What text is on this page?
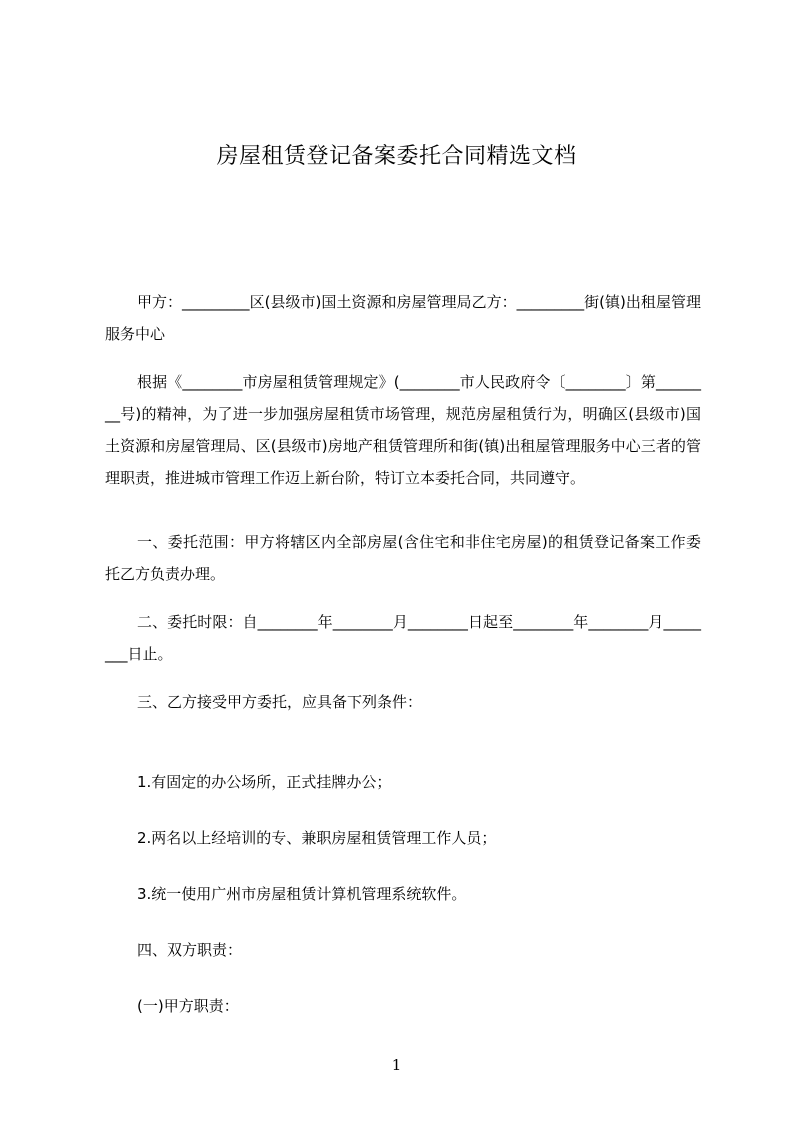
房屋租赁登记备案委托合同精选文档

甲方：_________区(县级市)国土资源和房屋管理局乙方：_________街(镇)出租屋管理服务中心

根据《________市房屋租赁管理规定》(________市人民政府令〔________〕第________号)的精神，为了进一步加强房屋租赁市场管理，规范房屋租赁行为，明确区(县级市)国土资源和房屋管理局、区(县级市)房地产租赁管理所和街(镇)出租屋管理服务中心三者的管理职责，推进城市管理工作迈上新台阶，特订立本委托合同，共同遵守。

一、委托范围：甲方将辖区内全部房屋(含住宅和非住宅房屋)的租赁登记备案工作委托乙方负责办理。

二、委托时限：自________年________月________日起至________年________月________日止。

三、乙方接受甲方委托，应具备下列条件：

1.有固定的办公场所，正式挂牌办公；

2.两名以上经培训的专、兼职房屋租赁管理工作人员；

3.统一使用广州市房屋租赁计算机管理系统软件。

四、双方职责：

(一)甲方职责：

1
